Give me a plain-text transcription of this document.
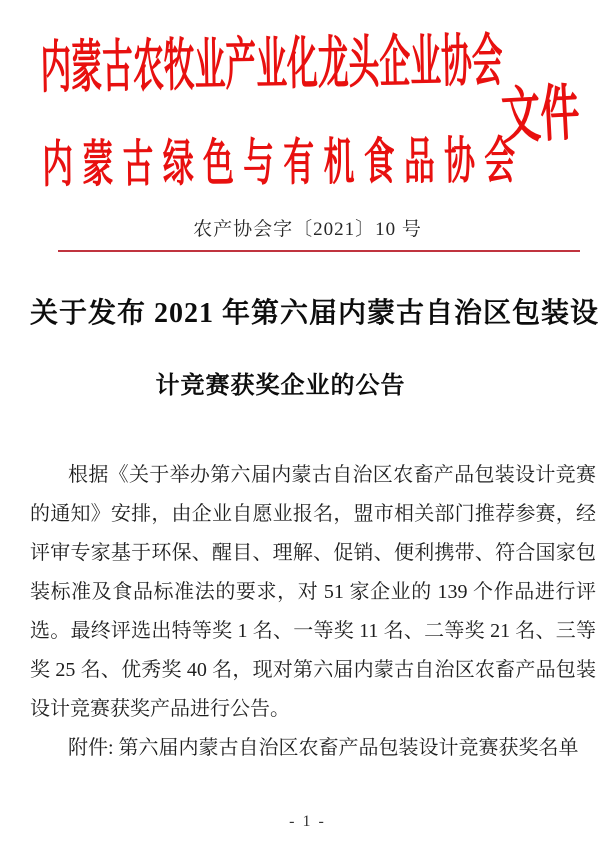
内蒙古农牧业产业化龙头企业协会
内蒙古绿色与有机食品协会
文件
农产协会字〔2021〕10 号
关于发布 2021 年第六届内蒙古自治区包装设
计竞赛获奖企业的公告
根据《关于举办第六届内蒙古自治区农畜产品包装设计竞赛
的通知》安排，由企业自愿业报名，盟市相关部门推荐参赛，经
评审专家基于环保、醒目、理解、促销、便利携带、符合国家包
装标准及食品标准法的要求，对 51 家企业的 139 个作品进行评
选。最终评选出特等奖 1 名、一等奖 11 名、二等奖 21 名、三等
奖 25 名、优秀奖 40 名，现对第六届内蒙古自治区农畜产品包装
设计竞赛获奖产品进行公告。
附件: 第六届内蒙古自治区农畜产品包装设计竞赛获奖名单
- 1 -
